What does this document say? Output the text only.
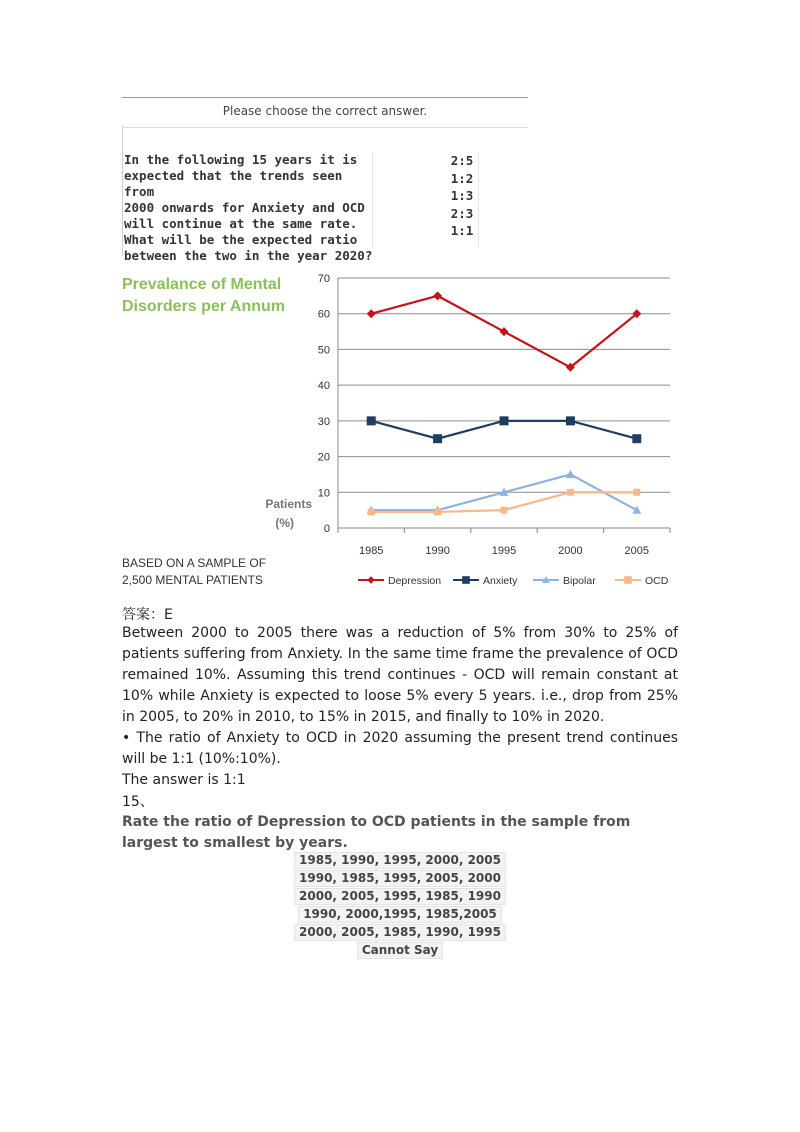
Please choose the correct answer.
In the following 15 years it is
expected that the trends seen from
2000 onwards for Anxiety and OCD
will continue at the same rate.
What will be the expected ratio
between the two in the year 2020?
2:5
1:2
1:3
2:3
1:1
Prevalance of Mental
Disorders per Annum
Patients
(%)
BASED ON A SAMPLE OF
2,500 MENTAL PATIENTS
0
10
20
30
40
50
60
70
1985	1990	1995	2000	2005
Depression	Anxiety	Bipolar	OCD
答案：E
Between 2000 to 2005 there was a reduction of 5% from 30% to 25% of patients suffering from Anxiety. In the same time frame the prevalence of OCD remained 10%. Assuming this trend continues - OCD will remain constant at 10% while Anxiety is expected to loose 5% every 5 years. i.e., drop from 25% in 2005, to 20% in 2010, to 15% in 2015, and finally to 10% in 2020.
• The ratio of Anxiety to OCD in 2020 assuming the present trend continues will be 1:1 (10%:10%).
The answer is 1:1
15、
Rate the ratio of Depression to OCD patients in the sample from largest to smallest by years.
1985, 1990, 1995, 2000, 2005
1990, 1985, 1995, 2005, 2000
2000, 2005, 1995, 1985, 1990
1990, 2000,1995, 1985,2005
2000, 2005, 1985, 1990, 1995
Cannot Say
